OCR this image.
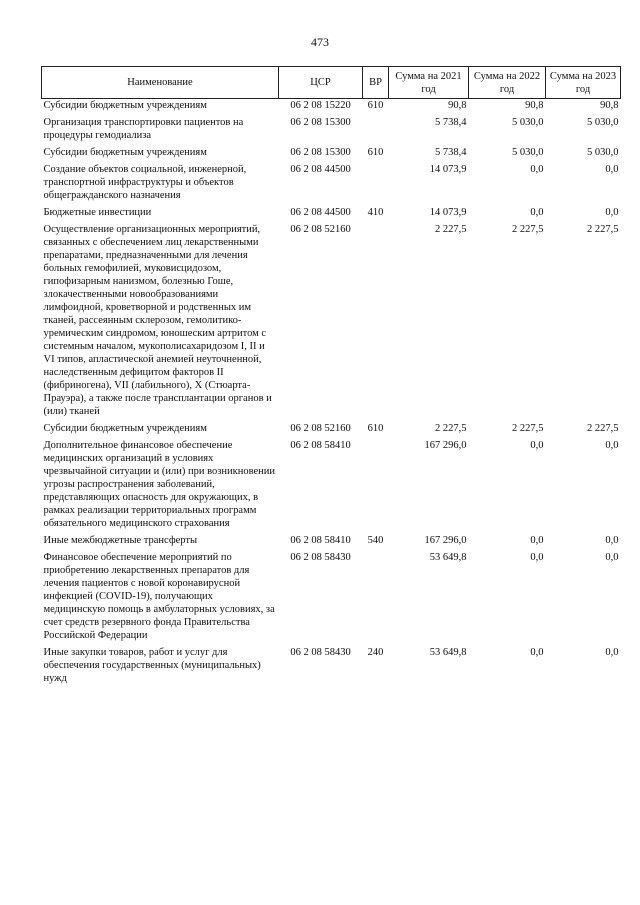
473
Наименование	ЦСР	ВР	Сумма на 2021 год	Сумма на 2022 год	Сумма на 2023 год
Субсидии бюджетным учреждениям	06 2 08 15220	610	90,8	90,8	90,8
Организация транспортировки пациентов на процедуры гемодиализа	06 2 08 15300		5 738,4	5 030,0	5 030,0
Субсидии бюджетным учреждениям	06 2 08 15300	610	5 738,4	5 030,0	5 030,0
Создание объектов социальной, инженерной, транспортной инфраструктуры и объектов общегражданского назначения	06 2 08 44500		14 073,9	0,0	0,0
Бюджетные инвестиции	06 2 08 44500	410	14 073,9	0,0	0,0
Осуществление организационных мероприятий, связанных с обеспечением лиц лекарственными препаратами, предназначенными для лечения больных гемофилией, муковисцидозом, гипофизарным нанизмом, болезнью Гоше, злокачественными новообразованиями лимфоидной, кроветворной и родственных им тканей, рассеянным склерозом, гемолитико-уремическим синдромом, юношеским артритом с системным началом, мукополисахаридозом I, II и VI типов, апластической анемией неуточненной, наследственным дефицитом факторов II (фибриногена), VII (лабильного), X (Стюарта-Прауэра), а также после трансплантации органов и (или) тканей	06 2 08 52160		2 227,5	2 227,5	2 227,5
Субсидии бюджетным учреждениям	06 2 08 52160	610	2 227,5	2 227,5	2 227,5
Дополнительное финансовое обеспечение медицинских организаций в условиях чрезвычайной ситуации и (или) при возникновении угрозы распространения заболеваний, представляющих опасность для окружающих, в рамках реализации территориальных программ обязательного медицинского страхования	06 2 08 58410		167 296,0	0,0	0,0
Иные межбюджетные трансферты	06 2 08 58410	540	167 296,0	0,0	0,0
Финансовое обеспечение мероприятий по приобретению лекарственных препаратов для лечения пациентов с новой коронавирусной инфекцией (COVID-19), получающих медицинскую помощь в амбулаторных условиях, за счет средств резервного фонда Правительства Российской Федерации	06 2 08 58430		53 649,8	0,0	0,0
Иные закупки товаров, работ и услуг для обеспечения государственных (муниципальных) нужд	06 2 08 58430	240	53 649,8	0,0	0,0
